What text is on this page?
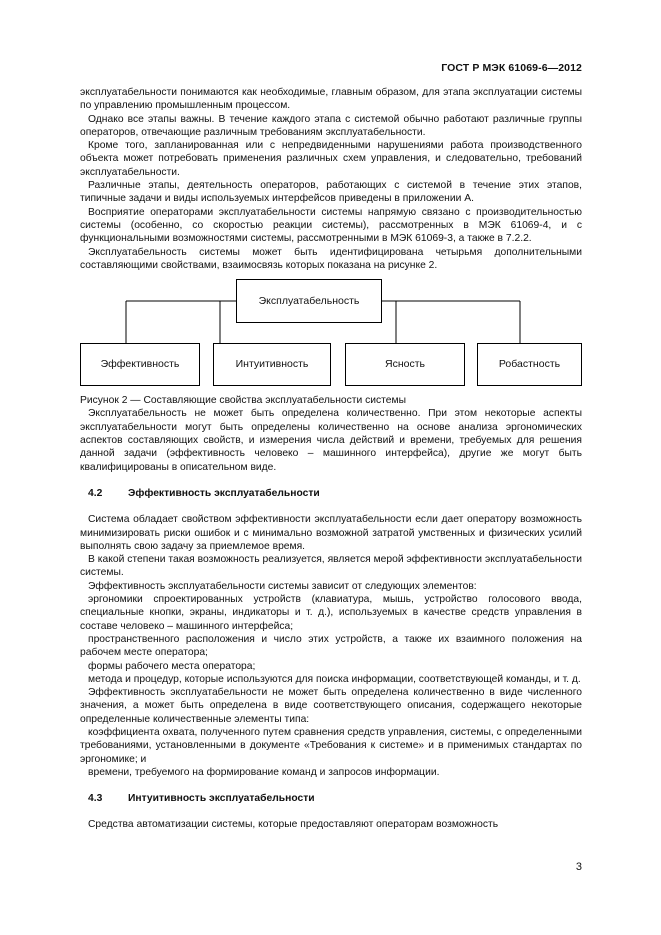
ГОСТ Р МЭК 61069-6—2012

эксплуатабельности понимаются как необходимые, главным образом, для этапа эксплуатации системы по управлению промышленным процессом.

Однако все этапы важны. В течение каждого этапа с системой обычно работают различные группы операторов, отвечающие различным требованиям эксплуатабельности.

Кроме того, запланированная или с непредвиденными нарушениями работа производственного объекта может потребовать применения различных схем управления, и следовательно, требований эксплуатабельности.

Различные этапы, деятельность операторов, работающих с системой в течение этих этапов, типичные задачи и виды используемых интерфейсов приведены в приложении А.

Восприятие операторами эксплуатабельности системы напрямую связано с производительностью системы (особенно, со скоростью реакции системы), рассмотренных в МЭК 61069-4, и с функциональными возможностями системы, рассмотренными в МЭК 61069-3, а также в 7.2.2.

Эксплуатабельность системы может быть идентифицирована четырьмя дополнительными составляющими свойствами, взаимосвязь которых показана на рисунке 2.

Эксплуатабельность
Эффективность	Интуитивность	Ясность	Робастность

Рисунок 2 — Составляющие свойства эксплуатабельности системы

Эксплуатабельность не может быть определена количественно. При этом некоторые аспекты эксплуатабельности могут быть определены количественно на основе анализа эргономических аспектов составляющих свойств, и измерения числа действий и времени, требуемых для решения данной задачи (эффективность человеко – машинного интерфейса), другие же могут быть квалифицированы в описательном виде.

4.2	Эффективность эксплуатабельности

Система обладает свойством эффективности эксплуатабельности если дает оператору возможность минимизировать риски ошибок и с минимально возможной затратой умственных и физических усилий выполнять свою задачу за приемлемое время.

В какой степени такая возможность реализуется, является мерой эффективности эксплуатабельности системы.

Эффективность эксплуатабельности системы зависит от следующих элементов:

эргономики спроектированных устройств (клавиатура, мышь, устройство голосового ввода, специальные кнопки, экраны, индикаторы и т. д.), используемых в качестве средств управления в составе человеко – машинного интерфейса;

пространственного расположения и число этих устройств, а также их взаимного положения на рабочем месте оператора;

формы рабочего места оператора;

метода и процедур, которые используются для поиска информации, соответствующей команды, и т. д.

Эффективность эксплуатабельности не может быть определена количественно в виде численного значения, а может быть определена в виде соответствующего описания, содержащего некоторые определенные количественные элементы типа:

коэффициента охвата, полученного путем сравнения средств управления, системы, с определенными требованиями, установленными в документе «Требования к системе» и в применимых стандартах по эргономике; и

времени, требуемого на формирование команд и запросов информации.

4.3	Интуитивность эксплуатабельности

Средства автоматизации системы, которые предоставляют операторам возможность

3
